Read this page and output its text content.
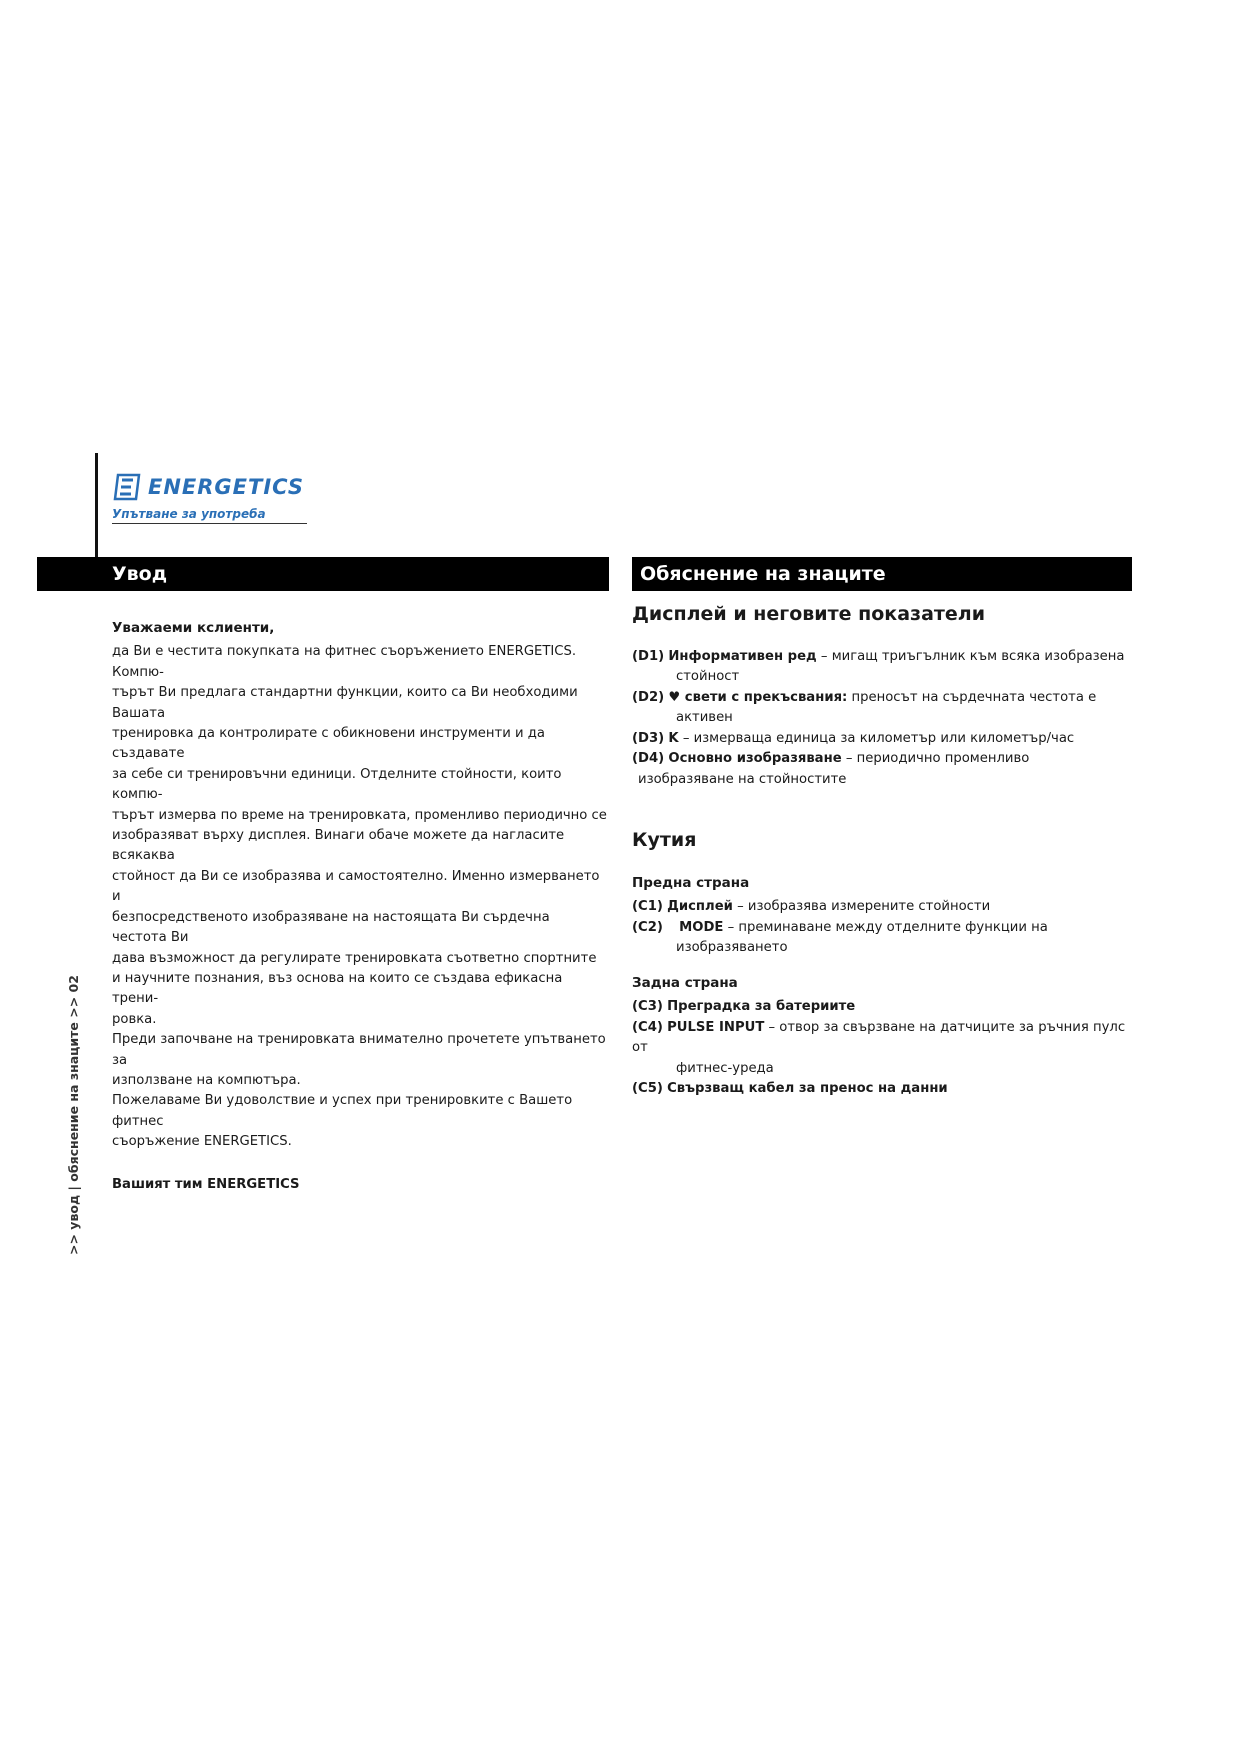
ENERGETICS
Упътване за употреба
Увод	Обяснение на знаците

Уважаеми кслиенти,

да Ви е честита покупката на фитнес съоръжението ENERGETICS. Компю-

търът Ви предлага стандартни функции, които са Ви необходими Вашата

тренировка да контролирате с обикновени инструменти и да създавате

за себе си тренировъчни единици. Отделните стойности, които компю-

търът измерва по време на тренировката, променливо периодично се

изобразяват върху дисплея. Винаги обаче можете да нагласите всякаква

стойност да Ви се изобразява и самостоятелно. Именно измерването и

безпосредственото изобразяване на настоящата Ви сърдечна честота Ви

дава възможност да регулирате тренировката съответно спортните

и научните познания, въз основа на които се създава ефикасна трени-

ровка.

Преди започване на тренировката внимателно прочетете упътването за

използване на компютъра.

Пожелаваме Ви удоволствие и успех при тренировките с Вашето фитнес

съоръжение ENERGETICS.

Вашият тим ENERGETICS

Дисплей и неговите показатели

(D1) Информативен ред – мигащ триъгълник към всяка изобразена
стойност
(D2) ♥ свети с прекъсвания: преносът на сърдечната честота е
активен
(D3) K – измерваща единица за километър или километър/час
(D4) Основно изобразяване – периодично променливо
изобразяване на стойностите

Кутия

Предна страна

(C1) Дисплей – изобразява измерените стойности
(C2) MODE – преминаване между отделните функции на
изобразяването

Задна страна

(C3) Преградка за батериите
(C4) PULSE INPUT – отвор за свързване на датчиците за ръчния пулс от
фитнес-уреда
(C5) Свързващ кабел за пренос на данни
>> увод | обяснение на знаците >> 02
